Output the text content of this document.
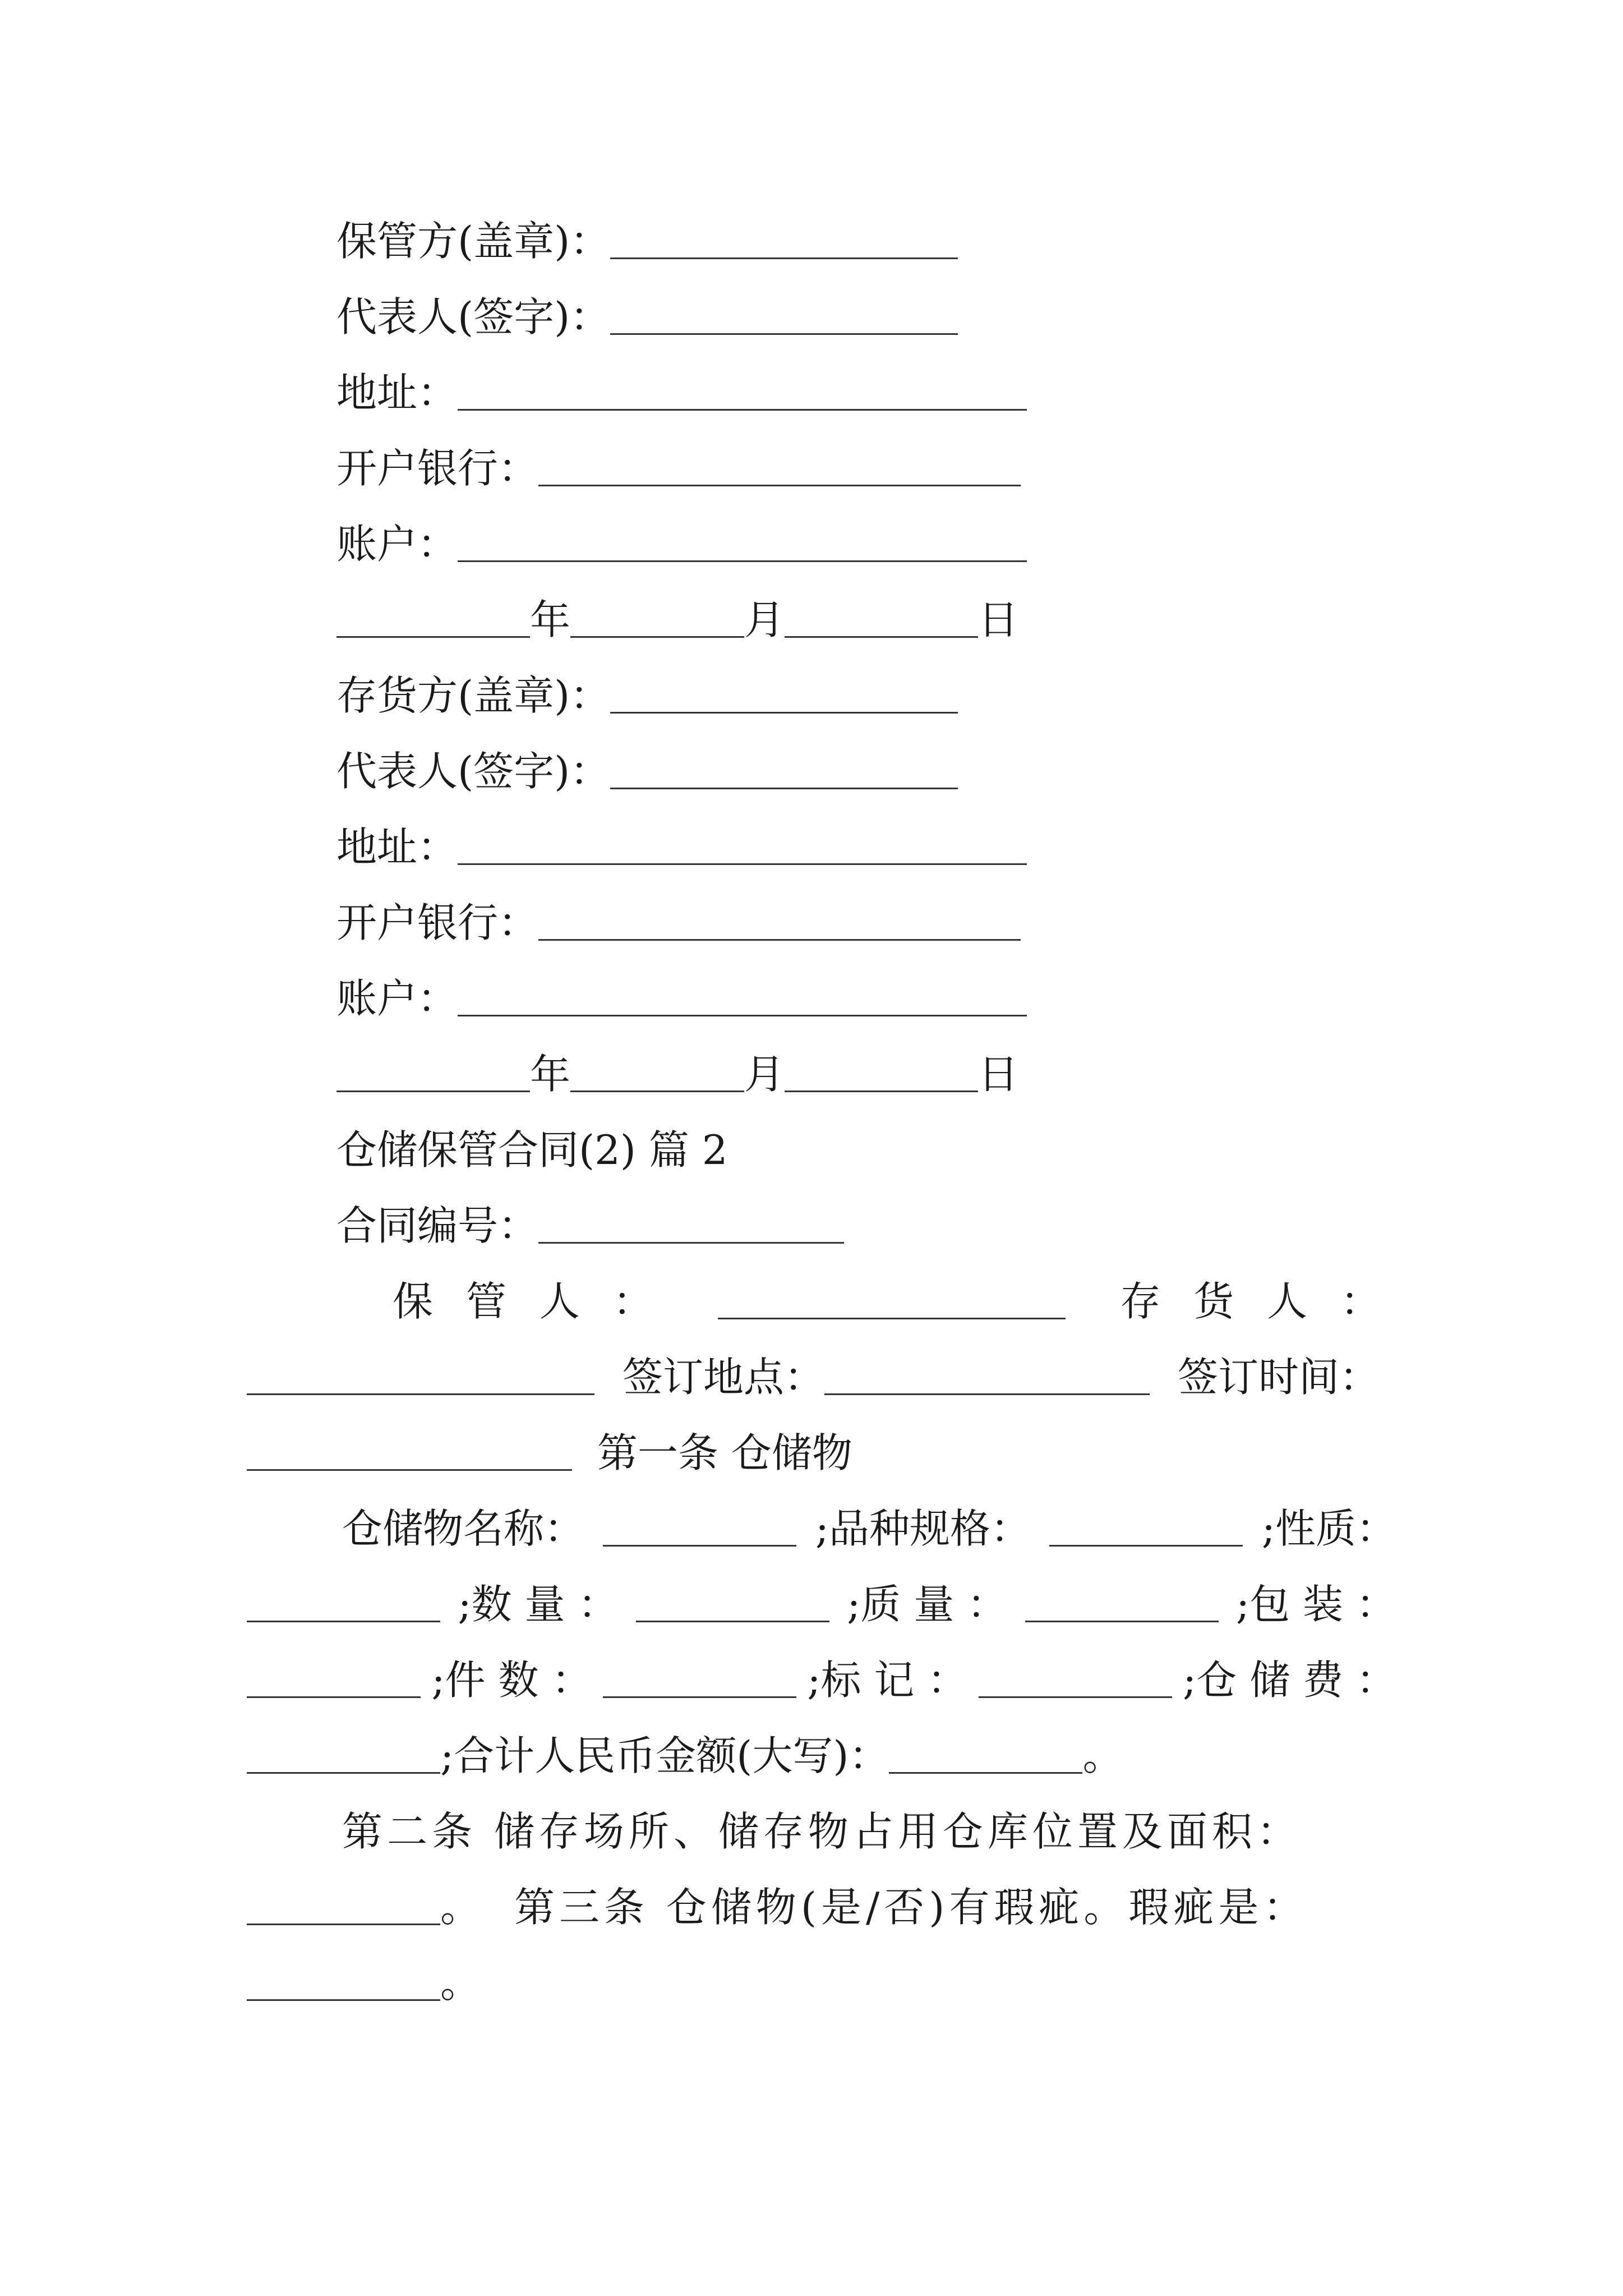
保管方(盖章)：
代表人(签字)：
地址：
开户银行：
账户：
年	月	日
存货方(盖章)：
代表人(签字)：
地址：
开户银行：
账户：
年	月	日
仓储保管合同(2) 篇 2
合同编号：
保 管 人 ：	存 货 人 ：
签订地点：	签订时间：
第一条 仓储物
仓储物名称：	;品种规格：	;性质：
;数 量 ：	;质 量 ：	;包 装 ：
;件 数 ：	;标 记 ：	;仓 储 费 ：
;合计人民币金额(大写)：	。
第二条 储存场所、储存物占用仓库位置及面积：
。 第三条 仓储物(是/否)有瑕疵。瑕疵是：
。
